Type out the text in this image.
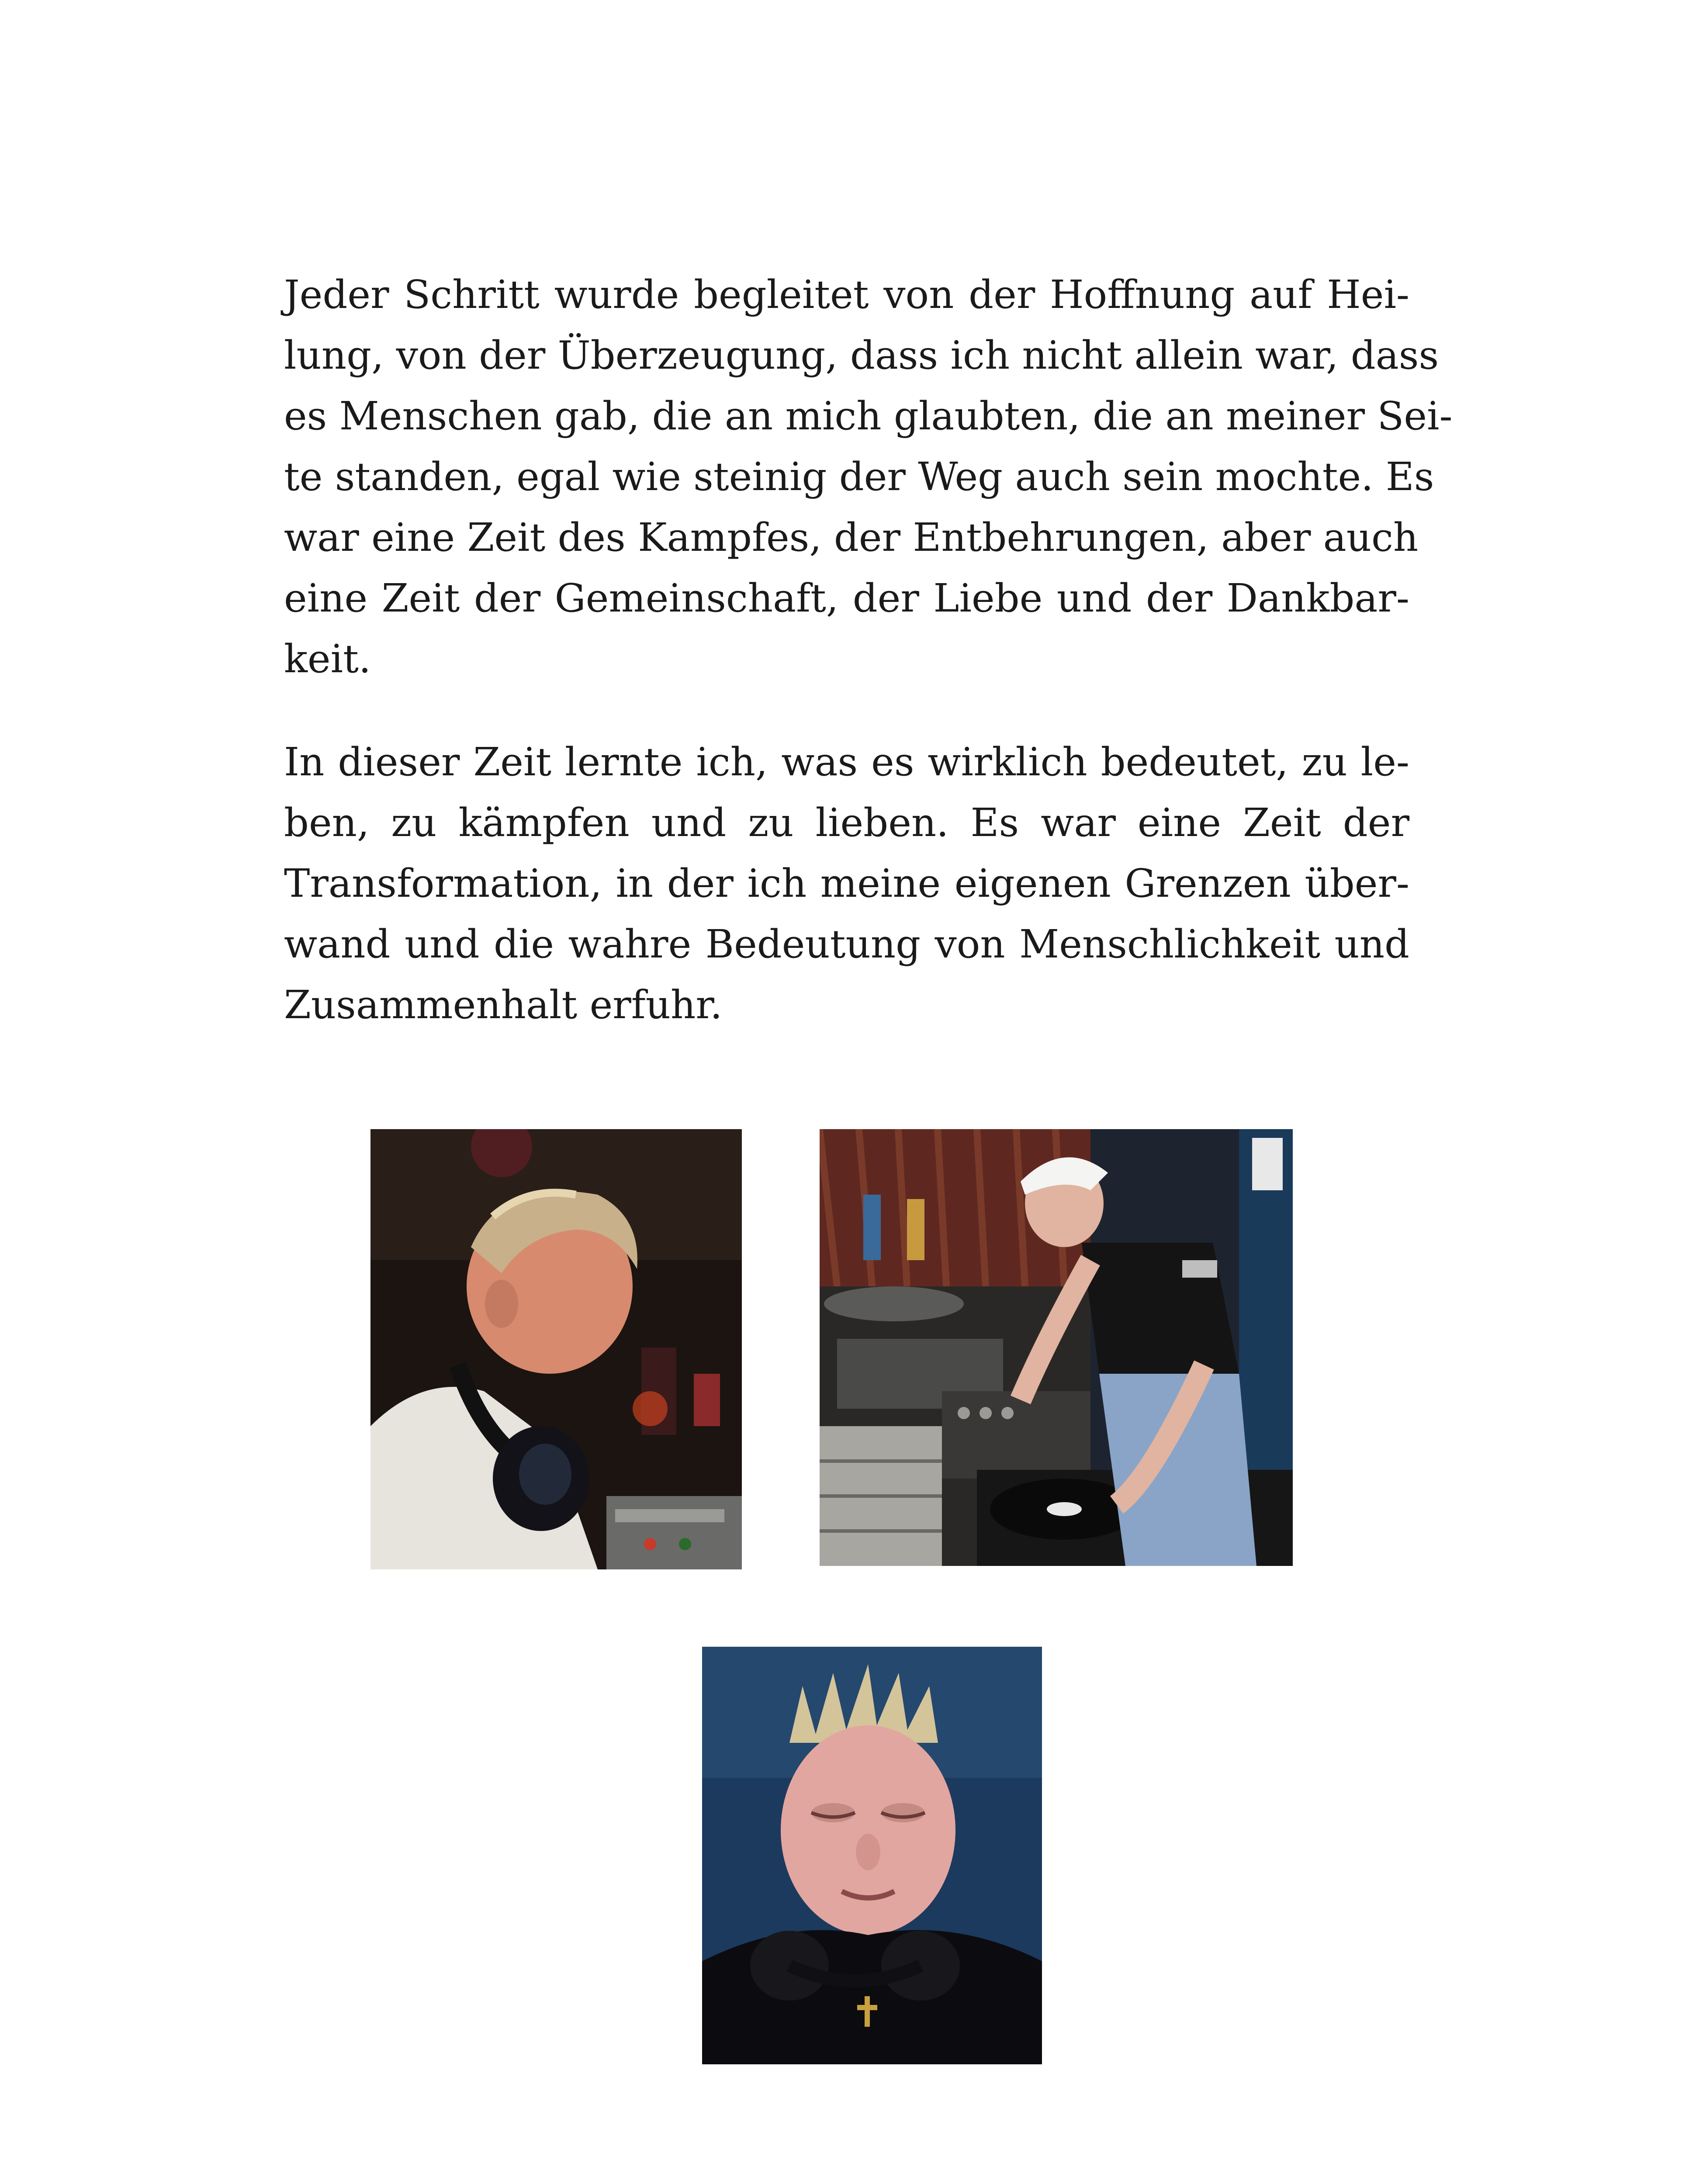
Jeder Schritt wurde begleitet von der Hoffnung auf Hei-
lung, von der Überzeugung, dass ich nicht allein war, dass
es Menschen gab, die an mich glaubten, die an meiner Sei-
te standen, egal wie steinig der Weg auch sein mochte. Es
war eine Zeit des Kampfes, der Entbehrungen, aber auch
eine Zeit der Gemeinschaft, der Liebe und der Dankbar-
keit.
In dieser Zeit lernte ich, was es wirklich bedeutet, zu le-
ben, zu kämpfen und zu lieben. Es war eine Zeit der
Transformation, in der ich meine eigenen Grenzen über-
wand und die wahre Bedeutung von Menschlichkeit und
Zusammenhalt erfuhr.
